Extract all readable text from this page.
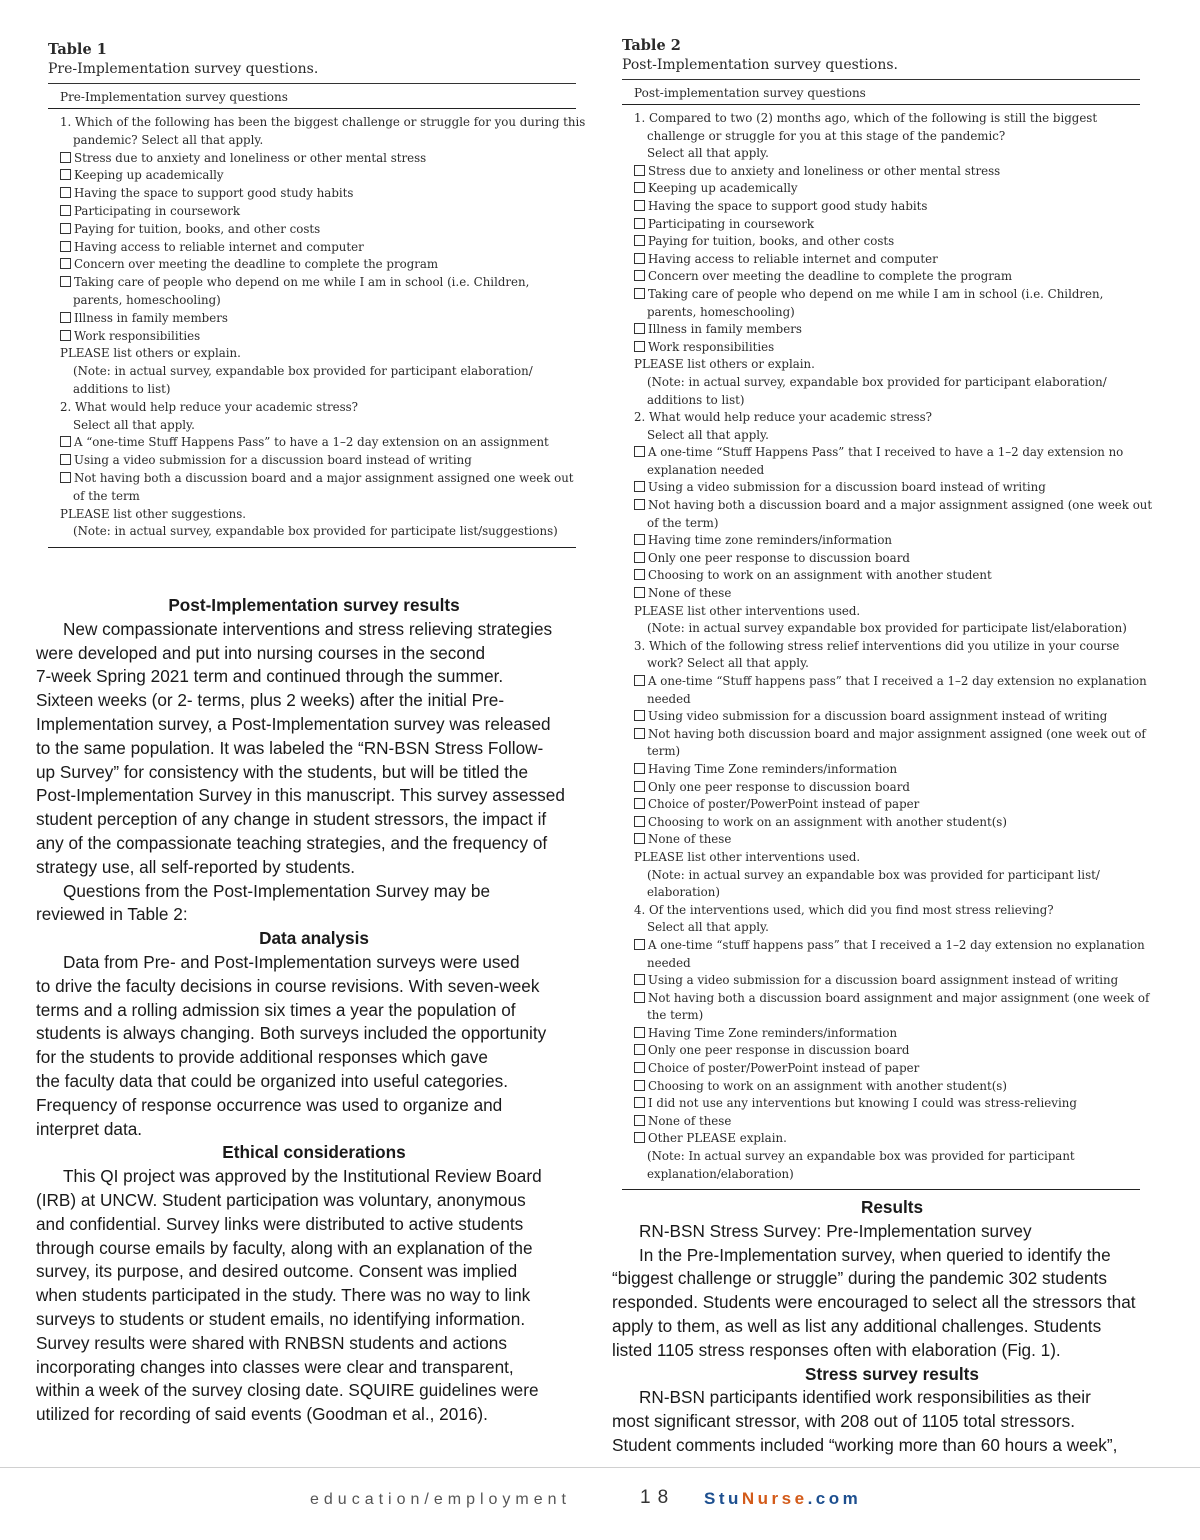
Table 1
Pre-Implementation survey questions.
Pre-Implementation survey questions
1. Which of the following has been the biggest challenge or struggle for you during this
pandemic? Select all that apply.
Stress due to anxiety and loneliness or other mental stress
Keeping up academically
Having the space to support good study habits
Participating in coursework
Paying for tuition, books, and other costs
Having access to reliable internet and computer
Concern over meeting the deadline to complete the program
Taking care of people who depend on me while I am in school (i.e. Children,
parents, homeschooling)
Illness in family members
Work responsibilities
PLEASE list others or explain.
(Note: in actual survey, expandable box provided for participant elaboration/
additions to list)
2. What would help reduce your academic stress?
Select all that apply.
A “one-time Stuff Happens Pass” to have a 1–2 day extension on an assignment
Using a video submission for a discussion board instead of writing
Not having both a discussion board and a major assignment assigned one week out
of the term
PLEASE list other suggestions.
(Note: in actual survey, expandable box provided for participate list/suggestions)
Table 2
Post-Implementation survey questions.
Post-implementation survey questions
1. Compared to two (2) months ago, which of the following is still the biggest
challenge or struggle for you at this stage of the pandemic?
Select all that apply.
Stress due to anxiety and loneliness or other mental stress
Keeping up academically
Having the space to support good study habits
Participating in coursework
Paying for tuition, books, and other costs
Having access to reliable internet and computer
Concern over meeting the deadline to complete the program
Taking care of people who depend on me while I am in school (i.e. Children,
parents, homeschooling)
Illness in family members
Work responsibilities
PLEASE list others or explain.
(Note: in actual survey, expandable box provided for participant elaboration/
additions to list)
2. What would help reduce your academic stress?
Select all that apply.
A one-time “Stuff Happens Pass” that I received to have a 1–2 day extension no
explanation needed
Using a video submission for a discussion board instead of writing
Not having both a discussion board and a major assignment assigned (one week out
of the term)
Having time zone reminders/information
Only one peer response to discussion board
Choosing to work on an assignment with another student
None of these
PLEASE list other interventions used.
(Note: in actual survey expandable box provided for participate list/elaboration)
3. Which of the following stress relief interventions did you utilize in your course
work? Select all that apply.
A one-time “Stuff happens pass” that I received a 1–2 day extension no explanation
needed
Using video submission for a discussion board assignment instead of writing
Not having both discussion board and major assignment assigned (one week out of
term)
Having Time Zone reminders/information
Only one peer response to discussion board
Choice of poster/PowerPoint instead of paper
Choosing to work on an assignment with another student(s)
None of these
PLEASE list other interventions used.
(Note: in actual survey an expandable box was provided for participant list/
elaboration)
4. Of the interventions used, which did you find most stress relieving?
Select all that apply.
A one-time “stuff happens pass” that I received a 1–2 day extension no explanation
needed
Using a video submission for a discussion board assignment instead of writing
Not having both a discussion board assignment and major assignment (one week of
the term)
Having Time Zone reminders/information
Only one peer response in discussion board
Choice of poster/PowerPoint instead of paper
Choosing to work on an assignment with another student(s)
I did not use any interventions but knowing I could was stress-relieving
None of these
Other PLEASE explain.
(Note: In actual survey an expandable box was provided for participant
explanation/elaboration)
Post-Implementation survey results
New compassionate interventions and stress relieving strategies
were developed and put into nursing courses in the second
7-week Spring 2021 term and continued through the summer.
Sixteen weeks (or 2- terms, plus 2 weeks) after the initial Pre-
Implementation survey, a Post-Implementation survey was released
to the same population. It was labeled the “RN-BSN Stress Follow-
up Survey” for consistency with the students, but will be titled the
Post-Implementation Survey in this manuscript. This survey assessed
student perception of any change in student stressors, the impact if
any of the compassionate teaching strategies, and the frequency of
strategy use, all self-reported by students.
Questions from the Post-Implementation Survey may be
reviewed in Table 2:
Data analysis
Data from Pre- and Post-Implementation surveys were used
to drive the faculty decisions in course revisions. With seven-week
terms and a rolling admission six times a year the population of
students is always changing. Both surveys included the opportunity
for the students to provide additional responses which gave
the faculty data that could be organized into useful categories.
Frequency of response occurrence was used to organize and
interpret data.
Ethical considerations
This QI project was approved by the Institutional Review Board
(IRB) at UNCW. Student participation was voluntary, anonymous
and confidential. Survey links were distributed to active students
through course emails by faculty, along with an explanation of the
survey, its purpose, and desired outcome. Consent was implied
when students participated in the study. There was no way to link
surveys to students or student emails, no identifying information.
Survey results were shared with RNBSN students and actions
incorporating changes into classes were clear and transparent,
within a week of the survey closing date. SQUIRE guidelines were
utilized for recording of said events (Goodman et al., 2016).
Results
RN-BSN Stress Survey: Pre-Implementation survey
In the Pre-Implementation survey, when queried to identify the
“biggest challenge or struggle” during the pandemic 302 students
responded. Students were encouraged to select all the stressors that
apply to them, as well as list any additional challenges. Students
listed 1105 stress responses often with elaboration (Fig. 1).
Stress survey results
RN-BSN participants identified work responsibilities as their
most significant stressor, with 208 out of 1105 total stressors.
Student comments included “working more than 60 hours a week”,
education/employment	18 StuNurse.com
